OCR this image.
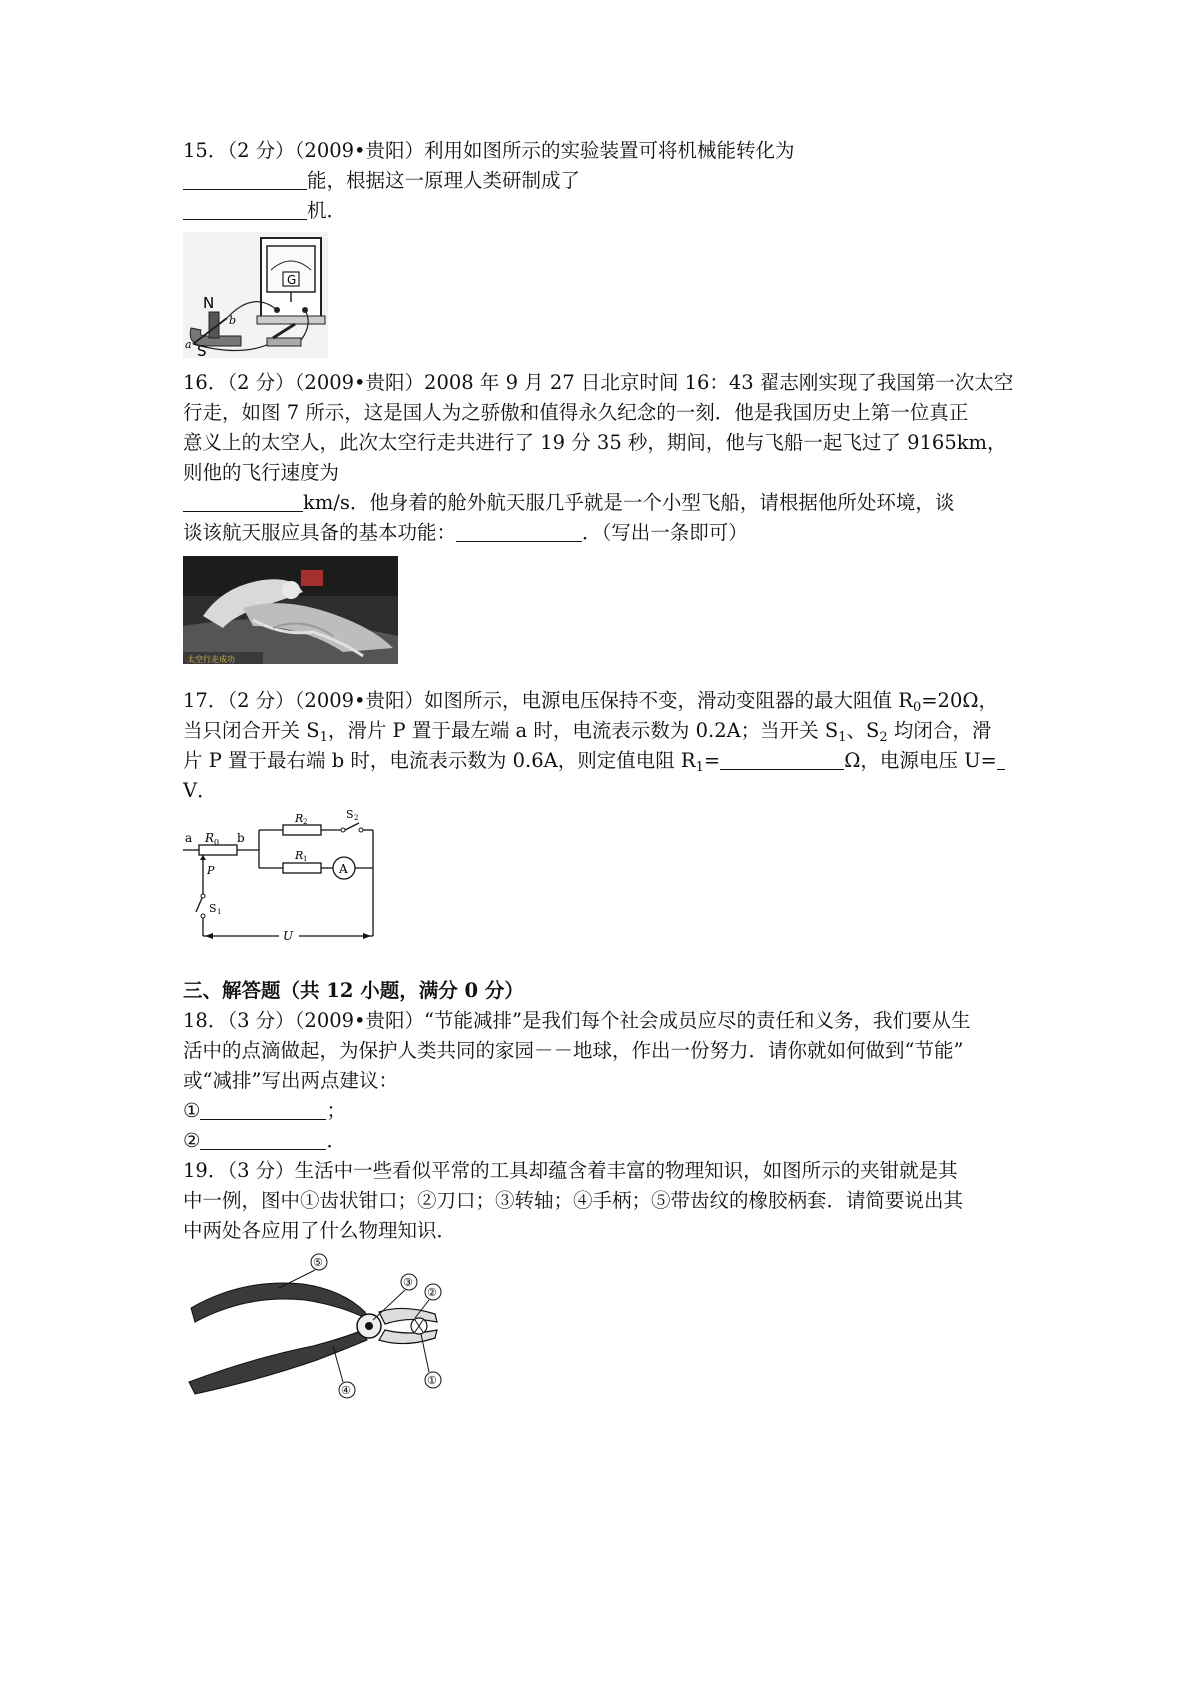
15．（2 分）（2009•贵阳）利用如图所示的实验装置可将机械能转化为
能，根据这一原理人类研制成了
机．
G
N
S
a
b
16．（2 分）（2009•贵阳）2008 年 9 月 27 日北京时间 16：43 翟志刚实现了我国第一次太空
行走，如图 7 所示，这是国人为之骄傲和值得永久纪念的一刻．他是我国历史上第一位真正
意义上的太空人，此次太空行走共进行了 19 分 35 秒，期间，他与飞船一起飞过了 9165km，
则他的飞行速度为
km/s．他身着的舱外航天服几乎就是一个小型飞船，请根据他所处环境，谈
谈该航天服应具备的基本功能：	．（写出一条即可）
太空行走成功
17．（2 分）（2009•贵阳）如图所示，电源电压保持不变，滑动变阻器的最大阻值 $R_0=20\Omega$，
当只闭合开关 $S_1$，滑片 P 置于最左端 a 时，电流表示数为 0.2A；当开关 $S_1$、$S_2$ 均闭合，滑
片 P 置于最右端 b 时，电流表示数为 0.6A，则定值电阻 $R_1=$	Ω，电源电压 U=
V．
a R 0 b
R 2
S 2
R 1
A
P
S 1
U
三、解答题（共 12 小题，满分 0 分）
18．（3 分）（2009•贵阳）“节能减排”是我们每个社会成员应尽的责任和义务，我们要从生
活中的点滴做起，为保护人类共同的家园－－地球，作出一份努力．请你就如何做到“节能”
或“减排”写出两点建议：
①	；
②	．
19．（3 分）生活中一些看似平常的工具却蕴含着丰富的物理知识，如图所示的夹钳就是其
中一例，图中①齿状钳口；②刀口；③转轴；④手柄；⑤带齿纹的橡胶柄套．请简要说出其
中两处各应用了什么物理知识．
⑤
③
②
①
④
